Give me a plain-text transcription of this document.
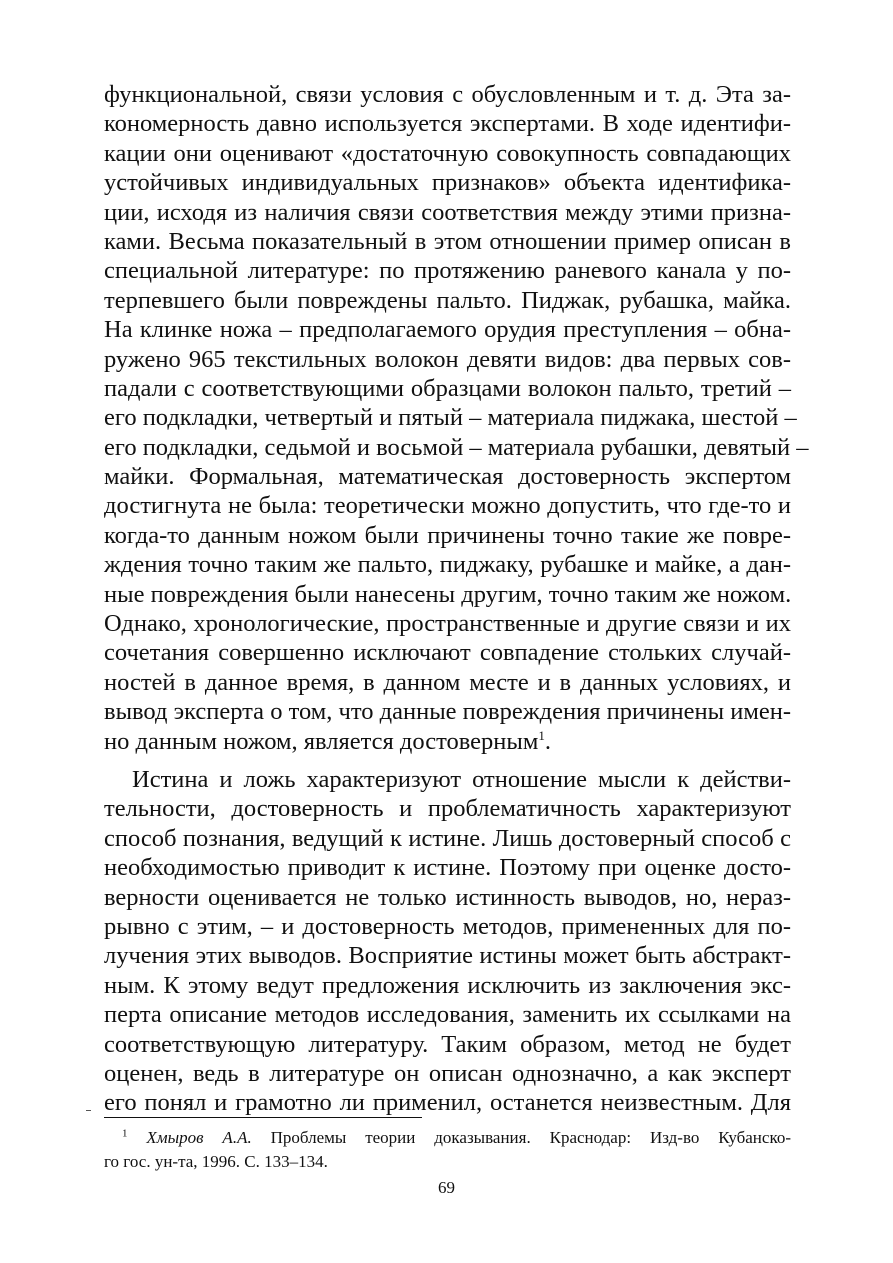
функциональной, связи условия с обусловленным и т. д. Эта за-
кономерность давно используется экспертами. В ходе идентифи-
кации они оценивают «достаточную совокупность совпадающих
устойчивых индивидуальных признаков» объекта идентифика-
ции, исходя из наличия связи соответствия между этими призна-
ками. Весьма показательный в этом отношении пример описан в
специальной литературе: по протяжению раневого канала у по-
терпевшего были повреждены пальто. Пиджак, рубашка, майка.
На клинке ножа – предполагаемого орудия преступления – обна-
ружено 965 текстильных волокон девяти видов: два первых сов-
падали с соответствующими образцами волокон пальто, третий –
его подкладки, четвертый и пятый – материала пиджака, шестой –
его подкладки, седьмой и восьмой – материала рубашки, девятый –
майки. Формальная, математическая достоверность экспертом
достигнута не была: теоретически можно допустить, что где-то и
когда-то данным ножом были причинены точно такие же повре-
ждения точно таким же пальто, пиджаку, рубашке и майке, а дан-
ные повреждения были нанесены другим, точно таким же ножом.
Однако, хронологические, пространственные и другие связи и их
сочетания совершенно исключают совпадение стольких случай-
ностей в данное время, в данном месте и в данных условиях, и
вывод эксперта о том, что данные повреждения причинены имен-
но данным ножом, является достоверным$^1$.
Истина и ложь характеризуют отношение мысли к действи-
тельности, достоверность и проблематичность характеризуют
способ познания, ведущий к истине. Лишь достоверный способ с
необходимостью приводит к истине. Поэтому при оценке досто-
верности оценивается не только истинность выводов, но, нераз-
рывно с этим, – и достоверность методов, примененных для по-
лучения этих выводов. Восприятие истины может быть абстракт-
ным. К этому ведут предложения исключить из заключения экс-
перта описание методов исследования, заменить их ссылками на
соответствующую литературу. Таким образом, метод не будет
оценен, ведь в литературе он описан однозначно, а как эксперт
его понял и грамотно ли применил, останется неизвестным. Для
$^1$ Хмыров А.А. Проблемы теории доказывания. Краснодар: Изд-во Кубанско-
го гос. ун-та, 1996. С. 133–134.
69
